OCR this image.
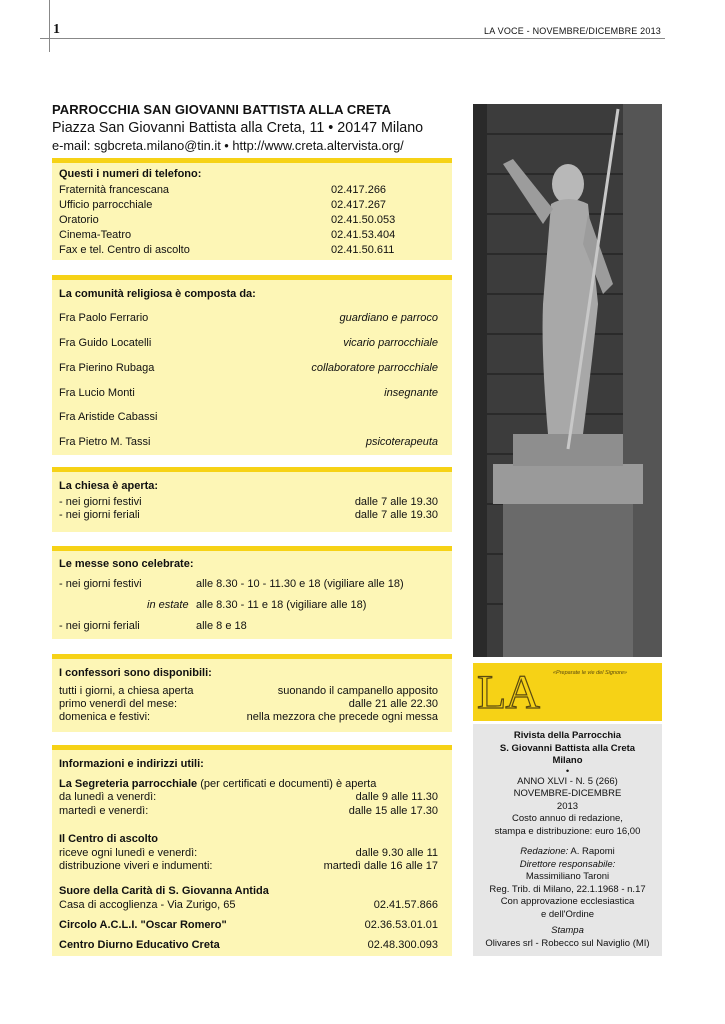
1	LA VOCE - NOVEMBRE/DICEMBRE 2013
PARROCCHIA SAN GIOVANNI BATTISTA ALLA CRETA
Piazza San Giovanni Battista alla Creta, 11 • 20147 Milano
e-mail: sgbcreta.milano@tin.it • http://www.creta.altervista.org/
Questi i numeri di telefono:
Fraternità francescana	02.417.266
Ufficio parrocchiale	02.417.267
Oratorio	02.41.50.053
Cinema-Teatro	02.41.53.404
Fax e tel. Centro di ascolto	02.41.50.611
La comunità religiosa è composta da:
Fra Paolo Ferrario	guardiano e parroco
Fra Guido Locatelli	vicario parrocchiale
Fra Pierino Rubaga	collaboratore parrocchiale
Fra Lucio Monti	insegnante
Fra Aristide Cabassi
Fra Pietro M. Tassi	psicoterapeuta
La chiesa è aperta:
- nei giorni festivi	dalle 7 alle 19.30
- nei giorni feriali	dalle 7 alle 19.30
Le messe sono celebrate:
- nei giorni festivi	alle 8.30 - 10 - 11.30 e 18 (vigiliare alle 18)
in estate alle 8.30 - 11 e 18 (vigiliare alle 18)
- nei giorni feriali	alle 8 e 18
I confessori sono disponibili:
tutti i giorni, a chiesa aperta	suonando il campanello apposito
primo venerdì del mese:	dalle 21 alle 22.30
domenica e festivi:	nella mezzora che precede ogni messa
Informazioni e indirizzi utili:
La Segreteria parrocchiale (per certificati e documenti) è aperta
da lunedì a venerdì:	dalle 9 alle 11.30
martedì e venerdì:	dalle 15 alle 17.30
Il Centro di ascolto
riceve ogni lunedì e venerdì:	dalle 9.30 alle 11
distribuzione viveri e indumenti:	martedì dalle 16 alle 17
Suore della Carità di S. Giovanna Antida
Casa di accoglienza - Via Zurigo, 65	02.41.57.866
Circolo A.C.L.I. "Oscar Romero"	02.36.53.01.01
Centro Diurno Educativo Creta	02.48.300.093
LA	«Preparate le vie del Signore»
Rivista della Parrocchia
S. Giovanni Battista alla Creta
Milano
•
ANNO XLVI - N. 5 (266)
NOVEMBRE-DICEMBRE
2013
Costo annuo di redazione,
stampa e distribuzione: euro 16,00
Redazione: A. Rapomi
Direttore responsabile:
Massimiliano Taroni
Reg. Trib. di Milano, 22.1.1968 - n.17
Con approvazione ecclesiastica
e dell'Ordine
Stampa
Olivares srl - Robecco sul Naviglio (MI)
